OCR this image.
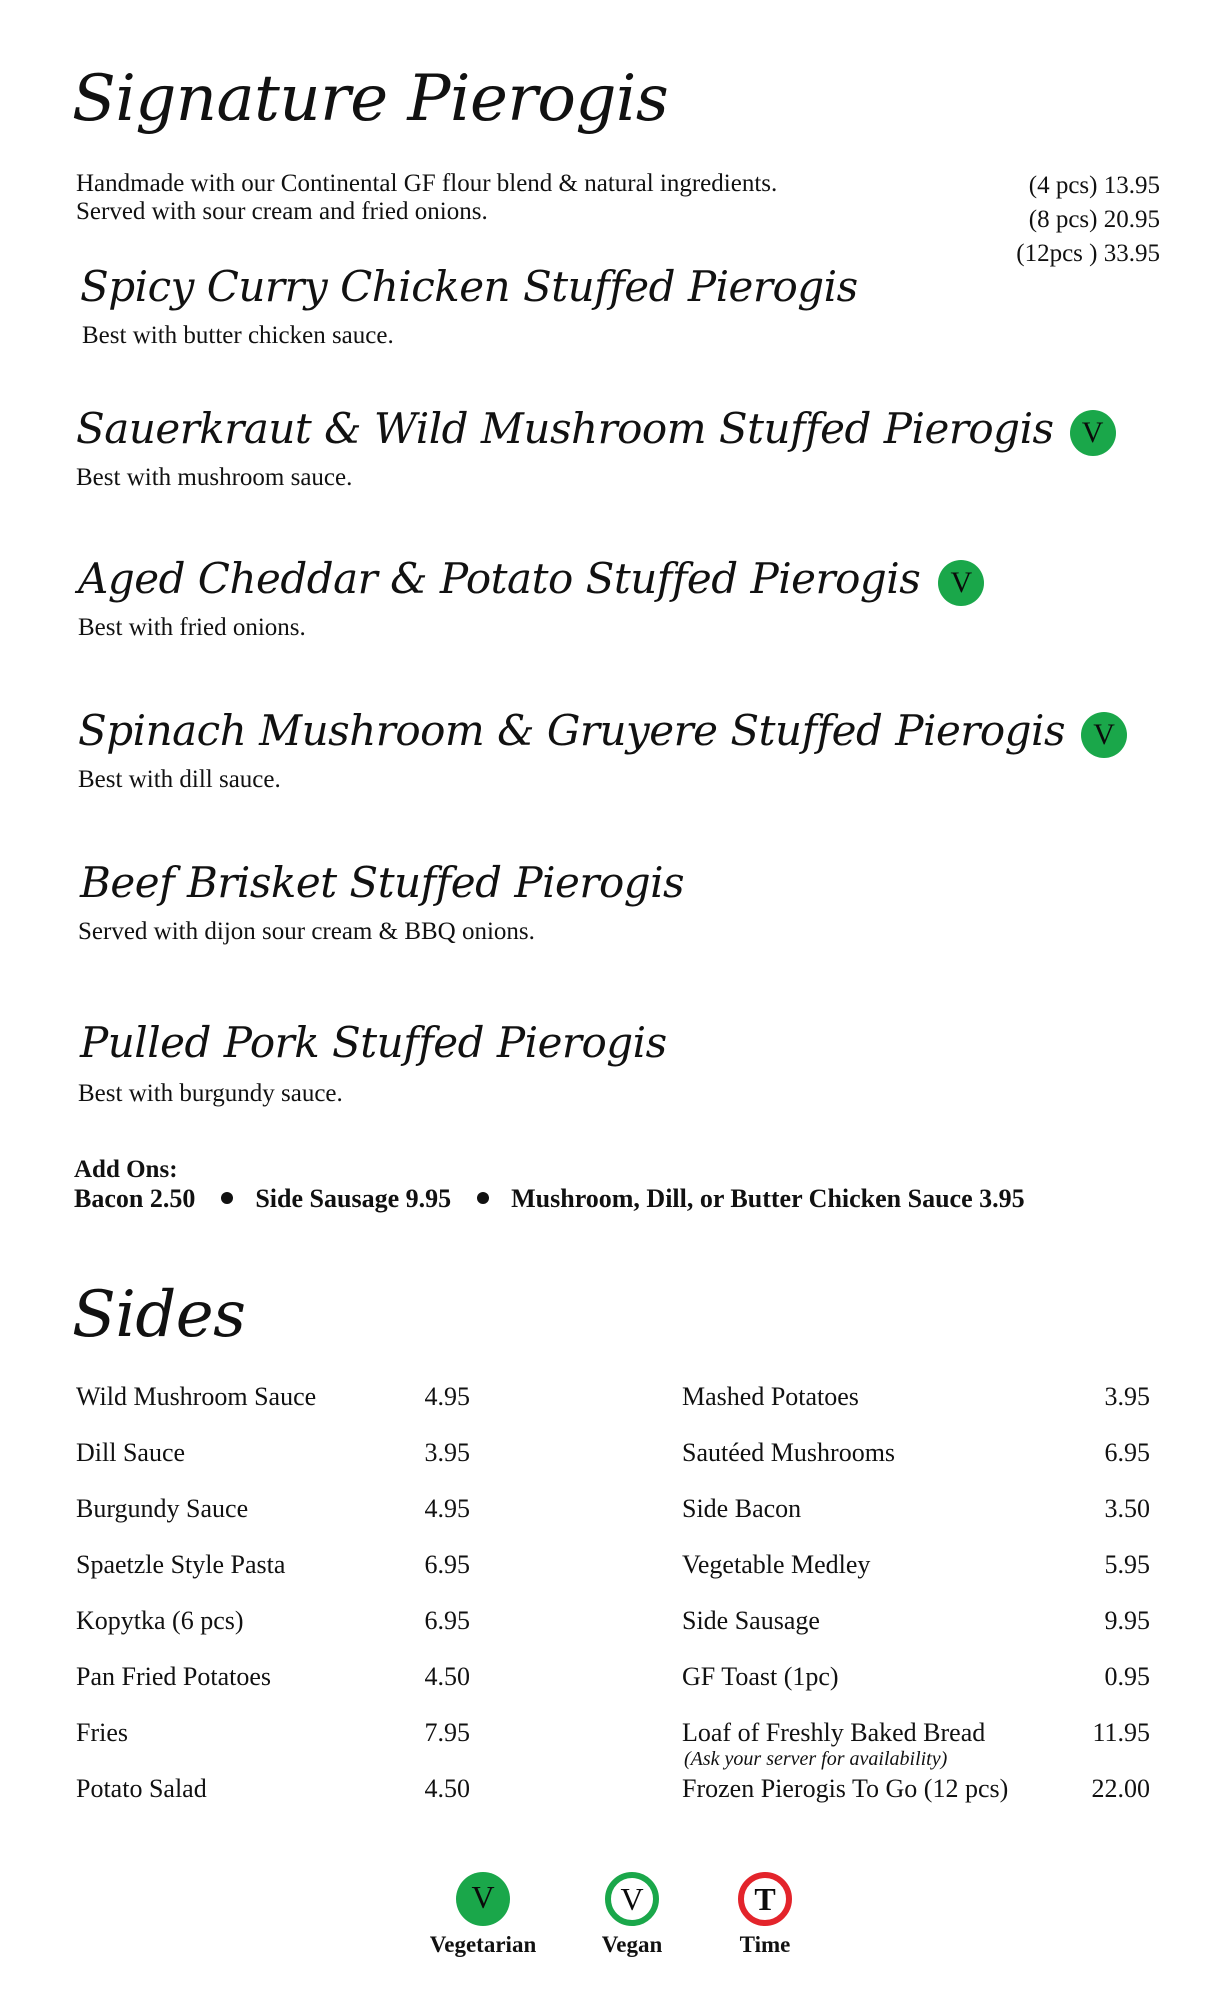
Signature Pierogis
Handmade with our Continental GF flour blend & natural ingredients.
Served with sour cream and fried onions.
(4 pcs) 13.95
(8 pcs) 20.95
(12pcs ) 33.95
Spicy Curry Chicken Stuffed Pierogis
Best with butter chicken sauce.
Sauerkraut & Wild Mushroom Stuffed Pierogis V
Best with mushroom sauce.
Aged Cheddar & Potato Stuffed Pierogis V
Best with fried onions.
Spinach Mushroom & Gruyere Stuffed Pierogis V
Best with dill sauce.
Beef Brisket Stuffed Pierogis
Served with dijon sour cream & BBQ onions.
Pulled Pork Stuffed Pierogis
Best with burgundy sauce.
Add Ons:
Bacon 2.50 Side Sausage 9.95 Mushroom, Dill, or Butter Chicken Sauce 3.95
Sides
Wild Mushroom Sauce	4.95
Dill Sauce	3.95
Burgundy Sauce	4.95
Spaetzle Style Pasta	6.95
Kopytka (6 pcs)	6.95
Pan Fried Potatoes	4.50
Fries	7.95
Potato Salad	4.50
Mashed Potatoes	3.95
Sautéed Mushrooms	6.95
Side Bacon	3.50
Vegetable Medley	5.95
Side Sausage	9.95
GF Toast (1pc)	0.95
Loaf of Freshly Baked Bread
(Ask your server for availability)
11.95
Frozen Pierogis To Go (12 pcs)	22.00
V
Vegetarian
V
Vegan
T
Time
